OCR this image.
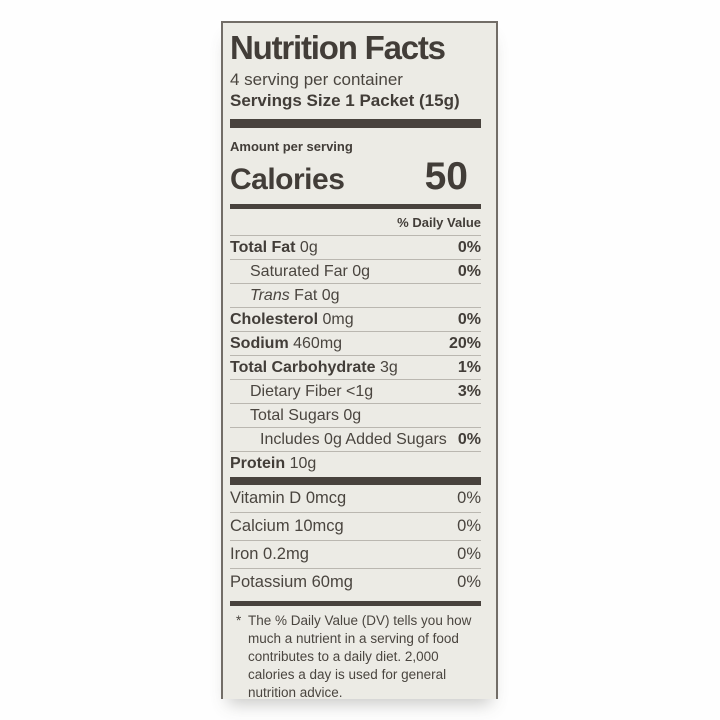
Nutrition Facts
4 serving per container
Servings Size 1 Packet (15g)
Amount per serving
Calories 50
% Daily Value
Total Fat 0g	0%
Saturated Far 0g	0%
Trans Fat 0g
Cholesterol 0mg	0%
Sodium 460mg	20%
Total Carbohydrate 3g	1%
Dietary Fiber <1g	3%
Total Sugars 0g
Includes 0g Added Sugars 0%
Protein 10g
Vitamin D 0mcg	0%
Calcium 10mcg	0%
Iron 0.2mg	0%
Potassium 60mg	0%
* The % Daily Value (DV) tells you how
much a nutrient in a serving of food
contributes to a daily diet. 2,000
calories a day is used for general
nutrition advice.
